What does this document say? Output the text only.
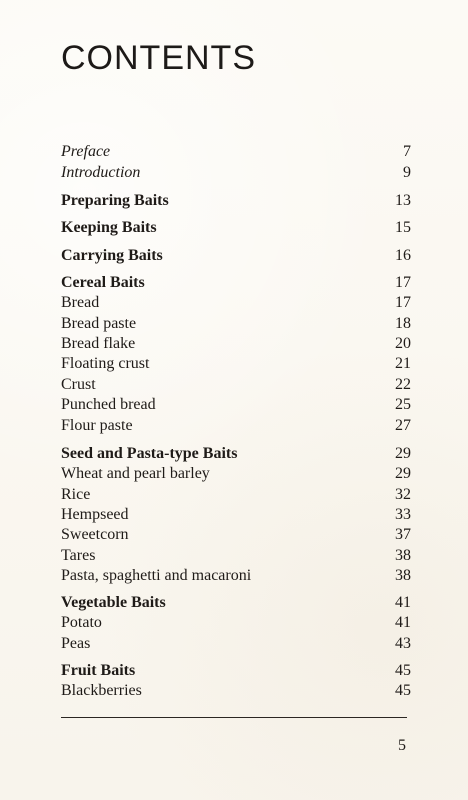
CONTENTS
Preface	7
Introduction	9
Preparing Baits	13
Keeping Baits	15
Carrying Baits	16
Cereal Baits	17
Bread	17
Bread paste	18
Bread flake	20
Floating crust	21
Crust	22
Punched bread	25
Flour paste	27
Seed and Pasta-type Baits	29
Wheat and pearl barley	29
Rice	32
Hempseed	33
Sweetcorn	37
Tares	38
Pasta, spaghetti and macaroni	38
Vegetable Baits	41
Potato	41
Peas	43
Fruit Baits	45
Blackberries	45
5
